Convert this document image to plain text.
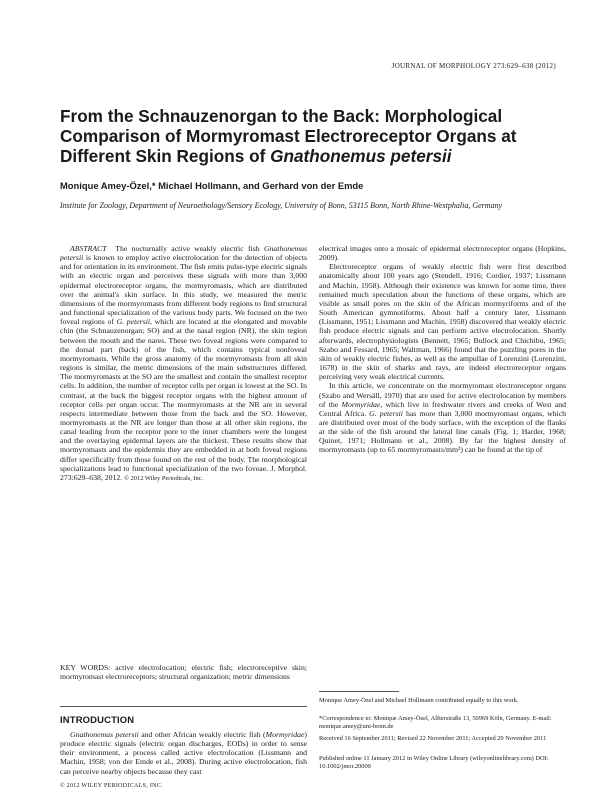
JOURNAL OF MORPHOLOGY 273:629–638 (2012)
From the Schnauzenorgan to the Back: Morphological Comparison of Mormyromast Electroreceptor Organs at Different Skin Regions of Gnathonemus petersii
Monique Amey-Özel,* Michael Hollmann, and Gerhard von der Emde
Institute for Zoology, Department of Neuroethology/Sensory Ecology, University of Bonn, 53115 Bonn, North Rhine-Westphalia, Germany

ABSTRACT The nocturnally active weakly electric fish Gnathonemus petersii is known to employ active electrolocation for the detection of objects and for orientation in its environment. The fish emits pulse-type electric signals with an electric organ and perceives these signals with more than 3,000 epidermal electroreceptor organs, the mormyromasts, which are distributed over the animal's skin surface. In this study, we measured the metric dimensions of the mormyromasts from different body regions to find structural and functional specialization of the various body parts. We focused on the two foveal regions of G. petersii, which are located at the elongated and movable chin (the Schnauzenorgan; SO) and at the nasal region (NR), the skin region between the mouth and the nares. These two foveal regions were compared to the dorsal part (back) of the fish, which contains typical nonfoveal mormyromasts. While the gross anatomy of the mormyromasts from all skin regions is similar, the metric dimensions of the main substructures differed. The mormyromasts at the SO are the smallest and contain the smallest receptor cells. In addition, the number of receptor cells per organ is lowest at the SO. In contrast, at the back the biggest receptor organs with the highest amount of receptor cells per organ occur. The mormyromasts at the NR are in several respects intermediate between those from the back and the SO. However, mormyromasts at the NR are longer than those at all other skin regions, the canal leading from the receptor pore to the inner chambers were the longest and the overlaying epidermal layers are the thickest. These results show that mormyromasts and the epidermis they are embedded in at both foveal regions differ specifically from those found on the rest of the body. The morphological specializations lead to functional specialization of the two foveae. J. Morphol. 273:629–638, 2012. © 2012 Wiley Periodicals, Inc.

KEY WORDS: active electrolocation; electric fish; electroreceptive skin; mormyromast electroreceptors; structural organization; metric dimensions

INTRODUCTION

Gnathonemus petersii and other African weakly electric fish (Mormyridae) produce electric signals (electric organ discharges, EODs) in order to sense their environment, a process called active electrolocation (Lissmann and Machin, 1958; von der Emde et al., 2008). During active electrolocation, fish can perceive nearby objects because they cast

electrical images onto a mosaic of epidermal electroreceptor organs (Hopkins, 2009).

Electroreceptor organs of weakly electric fish were first described anatomically about 100 years ago (Stendell, 1916; Cordier, 1937; Lissmann and Machin, 1958). Although their existence was known for some time, there remained much speculation about the functions of these organs, which are visible as small pores on the skin of the African mormyriforms and of the South American gymnotiforms. About half a century later, Lissmann (Lissmann, 1951; Lissmann and Machin, 1958) discovered that weakly electric fish produce electric signals and can perform active electrolocation. Shortly afterwards, electrophysiologists (Bennett, 1965; Bullock and Chichibu, 1965; Szabo and Fessard, 1965; Waltman, 1966) found that the puzzling pores in the skin of weakly electric fishes, as well as the ampullae of Lorenzini (Lorenzini, 1678) in the skin of sharks and rays, are indeed electroreceptor organs perceiving very weak electrical currents.

In this article, we concentrate on the mormyromast electroreceptor organs (Szabo and Wersäll, 1970) that are used for active electrolocation by members of the Mormyridae, which live in freshwater rivers and creeks of West and Central Africa. G. petersii has more than 3,000 mormyromast organs, which are distributed over most of the body surface, with the exception of the flanks at the side of the fish around the lateral line canals (Fig. 1; Harder, 1968; Quinet, 1971; Hollmann et al., 2008). By far the highest density of mormyromasts (up to 65 mormyromasts/mm²) can be found at the tip of

Monique Amey-Özel and Michael Hollmann contributed equally to this work.
*Correspondence to: Monique Amey-Özel, Alfterstraße 13, 50969 Köln, Germany. E-mail: monique.amey@uni-bonn.de
Received 16 September 2011; Revised 22 November 2011; Accepted 29 November 2011
Published online 11 January 2012 in Wiley Online Library (wileyonlinelibrary.com) DOI: 10.1002/jmor.20009
© 2012 WILEY PERIODICALS, INC.
